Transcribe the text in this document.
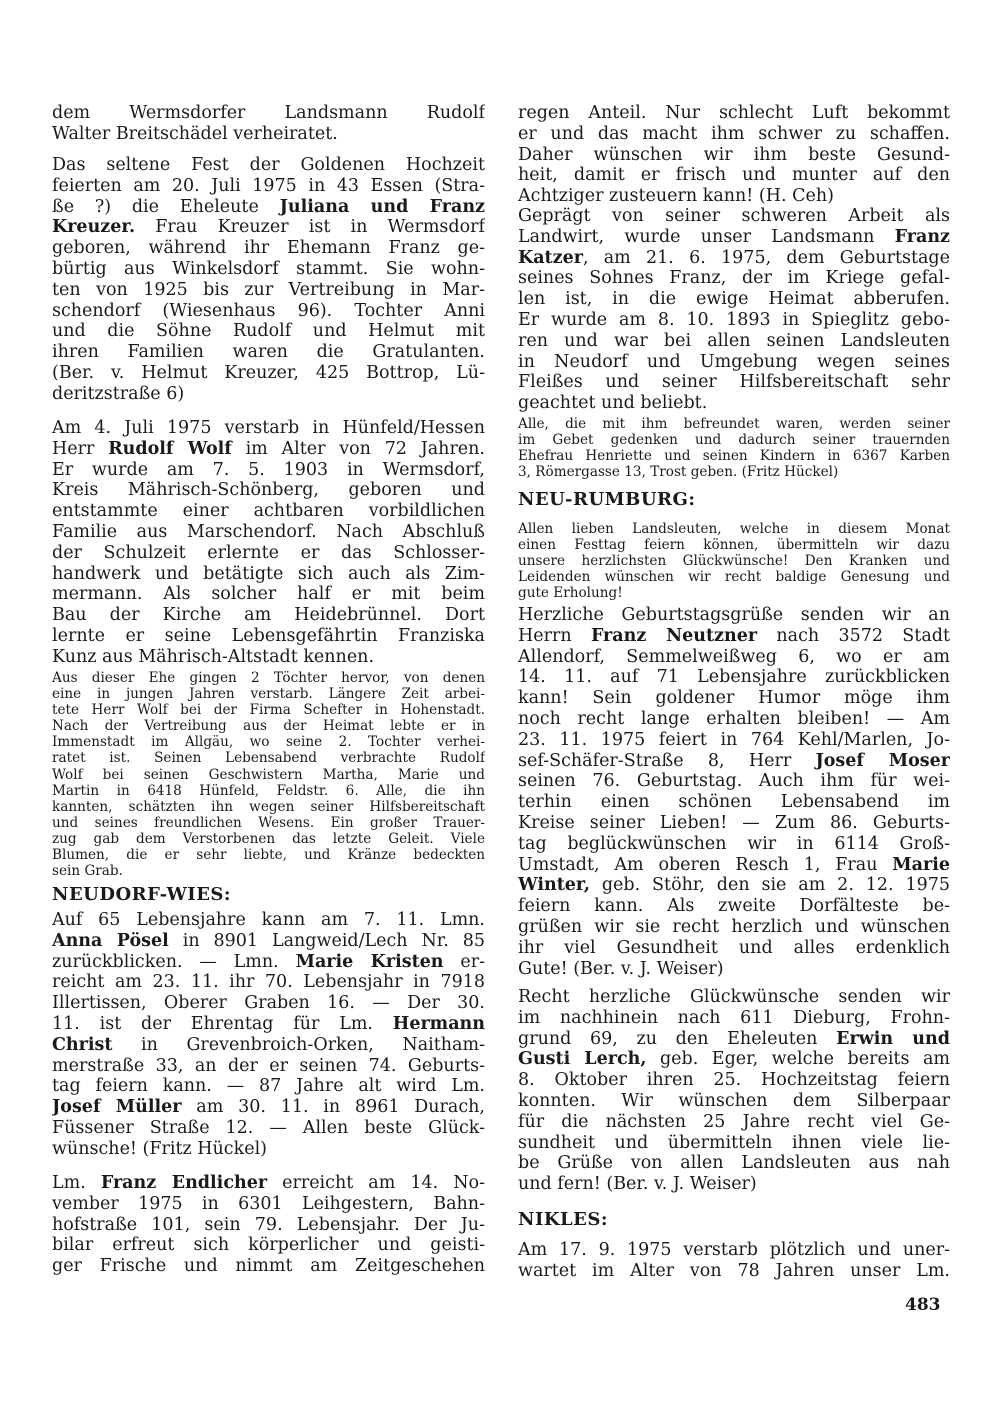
dem Wermsdorfer Landsmann Rudolf
Walter Breitschädel verheiratet.
Das seltene Fest der Goldenen Hochzeit
feierten am 20. Juli 1975 in 43 Essen (Stra-
ße ?) die Eheleute Juliana und Franz
Kreuzer. Frau Kreuzer ist in Wermsdorf
geboren, während ihr Ehemann Franz ge-
bürtig aus Winkelsdorf stammt. Sie wohn-
ten von 1925 bis zur Vertreibung in Mar-
schendorf (Wiesenhaus 96). Tochter Anni
und die Söhne Rudolf und Helmut mit
ihren Familien waren die Gratulanten.
(Ber. v. Helmut Kreuzer, 425 Bottrop, Lü-
deritzstraße 6)
Am 4. Juli 1975 verstarb in Hünfeld/Hessen
Herr Rudolf Wolf im Alter von 72 Jahren.
Er wurde am 7. 5. 1903 in Wermsdorf,
Kreis Mährisch-Schönberg, geboren und
entstammte einer achtbaren vorbildlichen
Familie aus Marschendorf. Nach Abschluß
der Schulzeit erlernte er das Schlosser-
handwerk und betätigte sich auch als Zim-
mermann. Als solcher half er mit beim
Bau der Kirche am Heidebrünnel. Dort
lernte er seine Lebensgefährtin Franziska
Kunz aus Mährisch-Altstadt kennen.
Aus dieser Ehe gingen 2 Töchter hervor, von denen
eine in jungen Jahren verstarb. Längere Zeit arbei-
tete Herr Wolf bei der Firma Schefter in Hohenstadt.
Nach der Vertreibung aus der Heimat lebte er in
Immenstadt im Allgäu, wo seine 2. Tochter verhei-
ratet ist. Seinen Lebensabend verbrachte Rudolf
Wolf bei seinen Geschwistern Martha, Marie und
Martin in 6418 Hünfeld, Feldstr. 6. Alle, die ihn
kannten, schätzten ihn wegen seiner Hilfsbereitschaft
und seines freundlichen Wesens. Ein großer Trauer-
zug gab dem Verstorbenen das letzte Geleit. Viele
Blumen, die er sehr liebte, und Kränze bedeckten
sein Grab.
NEUDORF-WIES:
Auf 65 Lebensjahre kann am 7. 11. Lmn.
Anna Pösel in 8901 Langweid/Lech Nr. 85
zurückblicken. — Lmn. Marie Kristen er-
reicht am 23. 11. ihr 70. Lebensjahr in 7918
Illertissen, Oberer Graben 16. — Der 30.
11. ist der Ehrentag für Lm. Hermann
Christ in Grevenbroich-Orken, Naitham-
merstraße 33, an der er seinen 74. Geburts-
tag feiern kann. — 87 Jahre alt wird Lm.
Josef Müller am 30. 11. in 8961 Durach,
Füssener Straße 12. — Allen beste Glück-
wünsche! (Fritz Hückel)
Lm. Franz Endlicher erreicht am 14. No-
vember 1975 in 6301 Leihgestern, Bahn-
hofstraße 101, sein 79. Lebensjahr. Der Ju-
bilar erfreut sich körperlicher und geisti-
ger Frische und nimmt am Zeitgeschehen
regen Anteil. Nur schlecht Luft bekommt
er und das macht ihm schwer zu schaffen.
Daher wünschen wir ihm beste Gesund-
heit, damit er frisch und munter auf den
Achtziger zusteuern kann! (H. Ceh)
Geprägt von seiner schweren Arbeit als
Landwirt, wurde unser Landsmann Franz
Katzer, am 21. 6. 1975, dem Geburtstage
seines Sohnes Franz, der im Kriege gefal-
len ist, in die ewige Heimat abberufen.
Er wurde am 8. 10. 1893 in Spieglitz gebo-
ren und war bei allen seinen Landsleuten
in Neudorf und Umgebung wegen seines
Fleißes und seiner Hilfsbereitschaft sehr
geachtet und beliebt.
Alle, die mit ihm befreundet waren, werden seiner
im Gebet gedenken und dadurch seiner trauernden
Ehefrau Henriette und seinen Kindern in 6367 Karben
3, Römergasse 13, Trost geben. (Fritz Hückel)
NEU-RUMBURG:
Allen lieben Landsleuten, welche in diesem Monat
einen Festtag feiern können, übermitteln wir dazu
unsere herzlichsten Glückwünsche! Den Kranken und
Leidenden wünschen wir recht baldige Genesung und
gute Erholung!
Herzliche Geburtstagsgrüße senden wir an
Herrn Franz Neutzner nach 3572 Stadt
Allendorf, Semmelweißweg 6, wo er am
14. 11. auf 71 Lebensjahre zurückblicken
kann! Sein goldener Humor möge ihm
noch recht lange erhalten bleiben! — Am
23. 11. 1975 feiert in 764 Kehl/Marlen, Jo-
sef-Schäfer-Straße 8, Herr Josef Moser
seinen 76. Geburtstag. Auch ihm für wei-
terhin einen schönen Lebensabend im
Kreise seiner Lieben! — Zum 86. Geburts-
tag beglückwünschen wir in 6114 Groß-
Umstadt, Am oberen Resch 1, Frau Marie
Winter, geb. Stöhr, den sie am 2. 12. 1975
feiern kann. Als zweite Dorfälteste be-
grüßen wir sie recht herzlich und wünschen
ihr viel Gesundheit und alles erdenklich
Gute! (Ber. v. J. Weiser)
Recht herzliche Glückwünsche senden wir
im nachhinein nach 611 Dieburg, Frohn-
grund 69, zu den Eheleuten Erwin und
Gusti Lerch, geb. Eger, welche bereits am
8. Oktober ihren 25. Hochzeitstag feiern
konnten. Wir wünschen dem Silberpaar
für die nächsten 25 Jahre recht viel Ge-
sundheit und übermitteln ihnen viele lie-
be Grüße von allen Landsleuten aus nah
und fern! (Ber. v. J. Weiser)
NIKLES:
Am 17. 9. 1975 verstarb plötzlich und uner-
wartet im Alter von 78 Jahren unser Lm.
483
